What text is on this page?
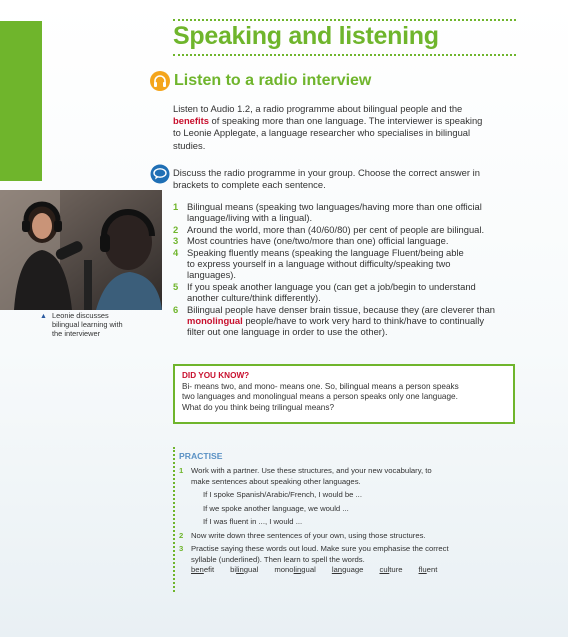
Speaking and listening
Listen to a radio interview
Listen to Audio 1.2, a radio programme about bilingual people and the
benefits of speaking more than one language. The interviewer is speaking
to Leonie Applegate, a language researcher who specialises in bilingual
studies.
Discuss the radio programme in your group. Choose the correct answer in
brackets to complete each sentence.
1 Bilingual means (speaking two languages/having more than one official
language/living with a lingual).
2 Around the world, more than (40/60/80) per cent of people are bilingual.
3 Most countries have (one/two/more than one) official language.
4 Speaking fluently means (speaking the language Fluent/being able
to express yourself in a language without difficulty/speaking two
languages).
5 If you speak another language you (can get a job/begin to understand
another culture/think differently).
6 Bilingual people have denser brain tissue, because they (are cleverer than
monolingual people/have to work very hard to think/have to continually
filter out one language in order to use the other).
▲ Leonie discusses
bilingual learning with
the interviewer
DID YOU KNOW?
Bi- means two, and mono- means one. So, bilingual means a person speaks
two languages and monolingual means a person speaks only one language.
What do you think being trilingual means?
PRACTISE
1 Work with a partner. Use these structures, and your new vocabulary, to
make sentences about speaking other languages.
If I spoke Spanish/Arabic/French, I would be ...
If we spoke another language, we would ...
If I was fluent in ..., I would ...
2 Now write down three sentences of your own, using those structures.
3 Practise saying these words out loud. Make sure you emphasise the correct
syllable (underlined). Then learn to spell the words.
benefit bilingual monolingual language culture fluent
